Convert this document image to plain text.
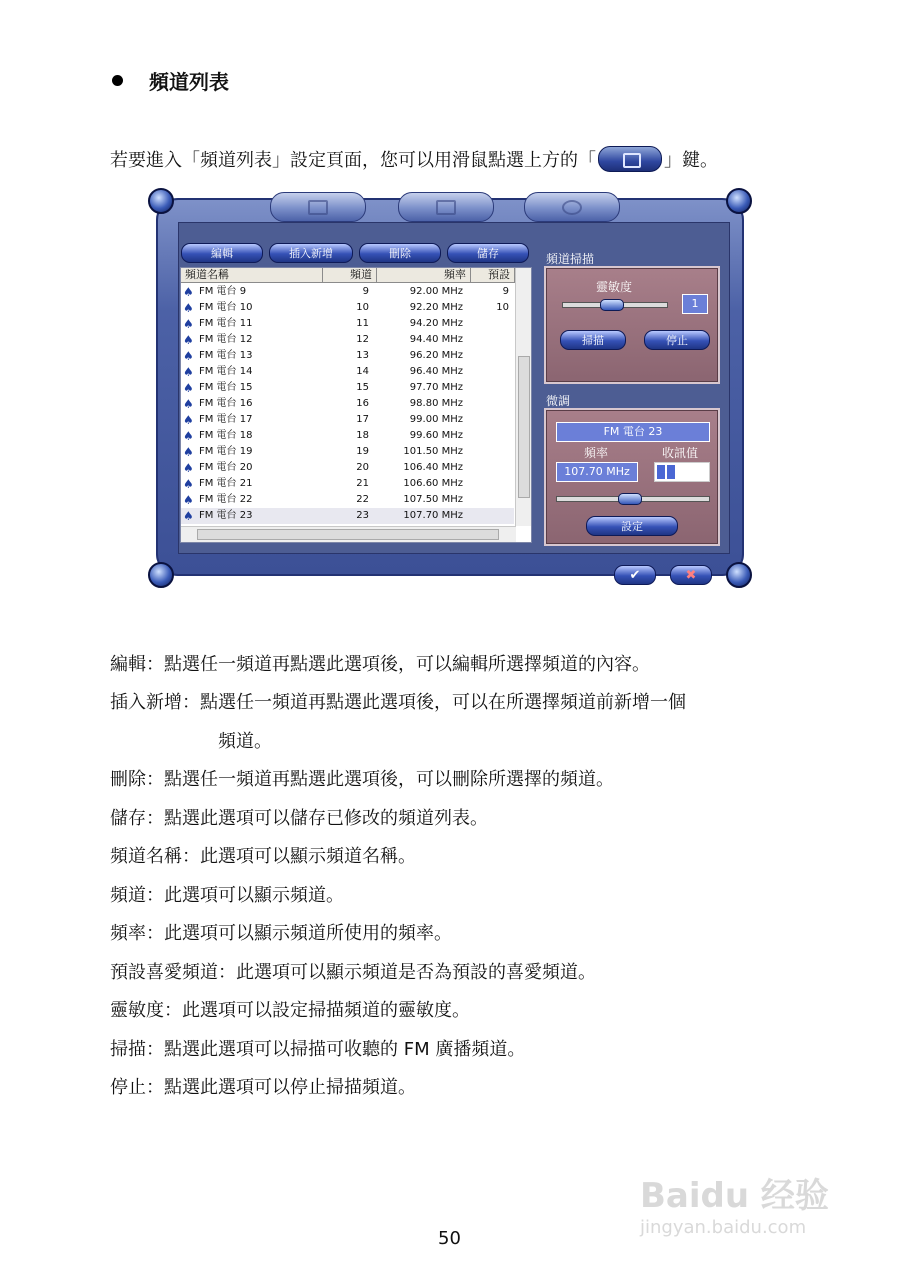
頻道列表
若要進入「頻道列表」設定頁面，您可以用滑鼠點選上方的「	」鍵。
編輯	插入新增	刪除	儲存
頻道名稱	頻道	頻率	預設
♠ FM 電台 9	9	92.00 MHz	9
♠ FM 電台 10	10	92.20 MHz	10
♠ FM 電台 11	11	94.20 MHz
♠ FM 電台 12	12	94.40 MHz
♠ FM 電台 13	13	96.20 MHz
♠ FM 電台 14	14	96.40 MHz
♠ FM 電台 15	15	97.70 MHz
♠ FM 電台 16	16	98.80 MHz
♠ FM 電台 17	17	99.00 MHz
♠ FM 電台 18	18	99.60 MHz
♠ FM 電台 19	19	101.50 MHz
♠ FM 電台 20	20	106.40 MHz
♠ FM 電台 21	21	106.60 MHz
♠ FM 電台 22	22	107.50 MHz
♠ FM 電台 23	23	107.70 MHz
頻道掃描
靈敏度
1
掃描	停止
微調
FM 電台 23
頻率	收訊值
107.70 MHz
設定
✔	✖
編輯：點選任一頻道再點選此選項後，可以編輯所選擇頻道的內容。
插入新增：點選任一頻道再點選此選項後，可以在所選擇頻道前新增一個
頻道。
刪除：點選任一頻道再點選此選項後，可以刪除所選擇的頻道。
儲存：點選此選項可以儲存已修改的頻道列表。
頻道名稱：此選項可以顯示頻道名稱。
頻道：此選項可以顯示頻道。
頻率：此選項可以顯示頻道所使用的頻率。
預設喜愛頻道：此選項可以顯示頻道是否為預設的喜愛頻道。
靈敏度：此選項可以設定掃描頻道的靈敏度。
掃描：點選此選項可以掃描可收聽的 FM 廣播頻道。
停止：點選此選項可以停止掃描頻道。
Baidu 经验
jingyan.baidu.com
50
